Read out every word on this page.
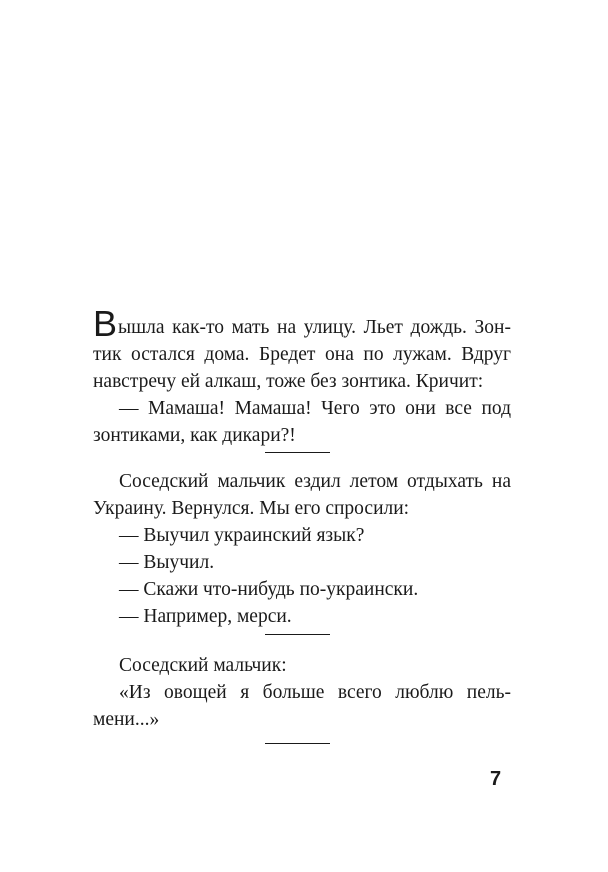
Вышла как-то мать на улицу. Льет дождь. Зон-
тик остался дома. Бредет она по лужам. Вдруг
навстречу ей алкаш, тоже без зонтика. Кричит:
— Мамаша! Мамаша! Чего это они все под
зонтиками, как дикари?!
Соседский мальчик ездил летом отдыхать на
Украину. Вернулся. Мы его спросили:
— Выучил украинский язык?
— Выучил.
— Скажи что-нибудь по-украински.
— Например, мерси.
Соседский мальчик:
«Из овощей я больше всего люблю пель-
мени...»
7
